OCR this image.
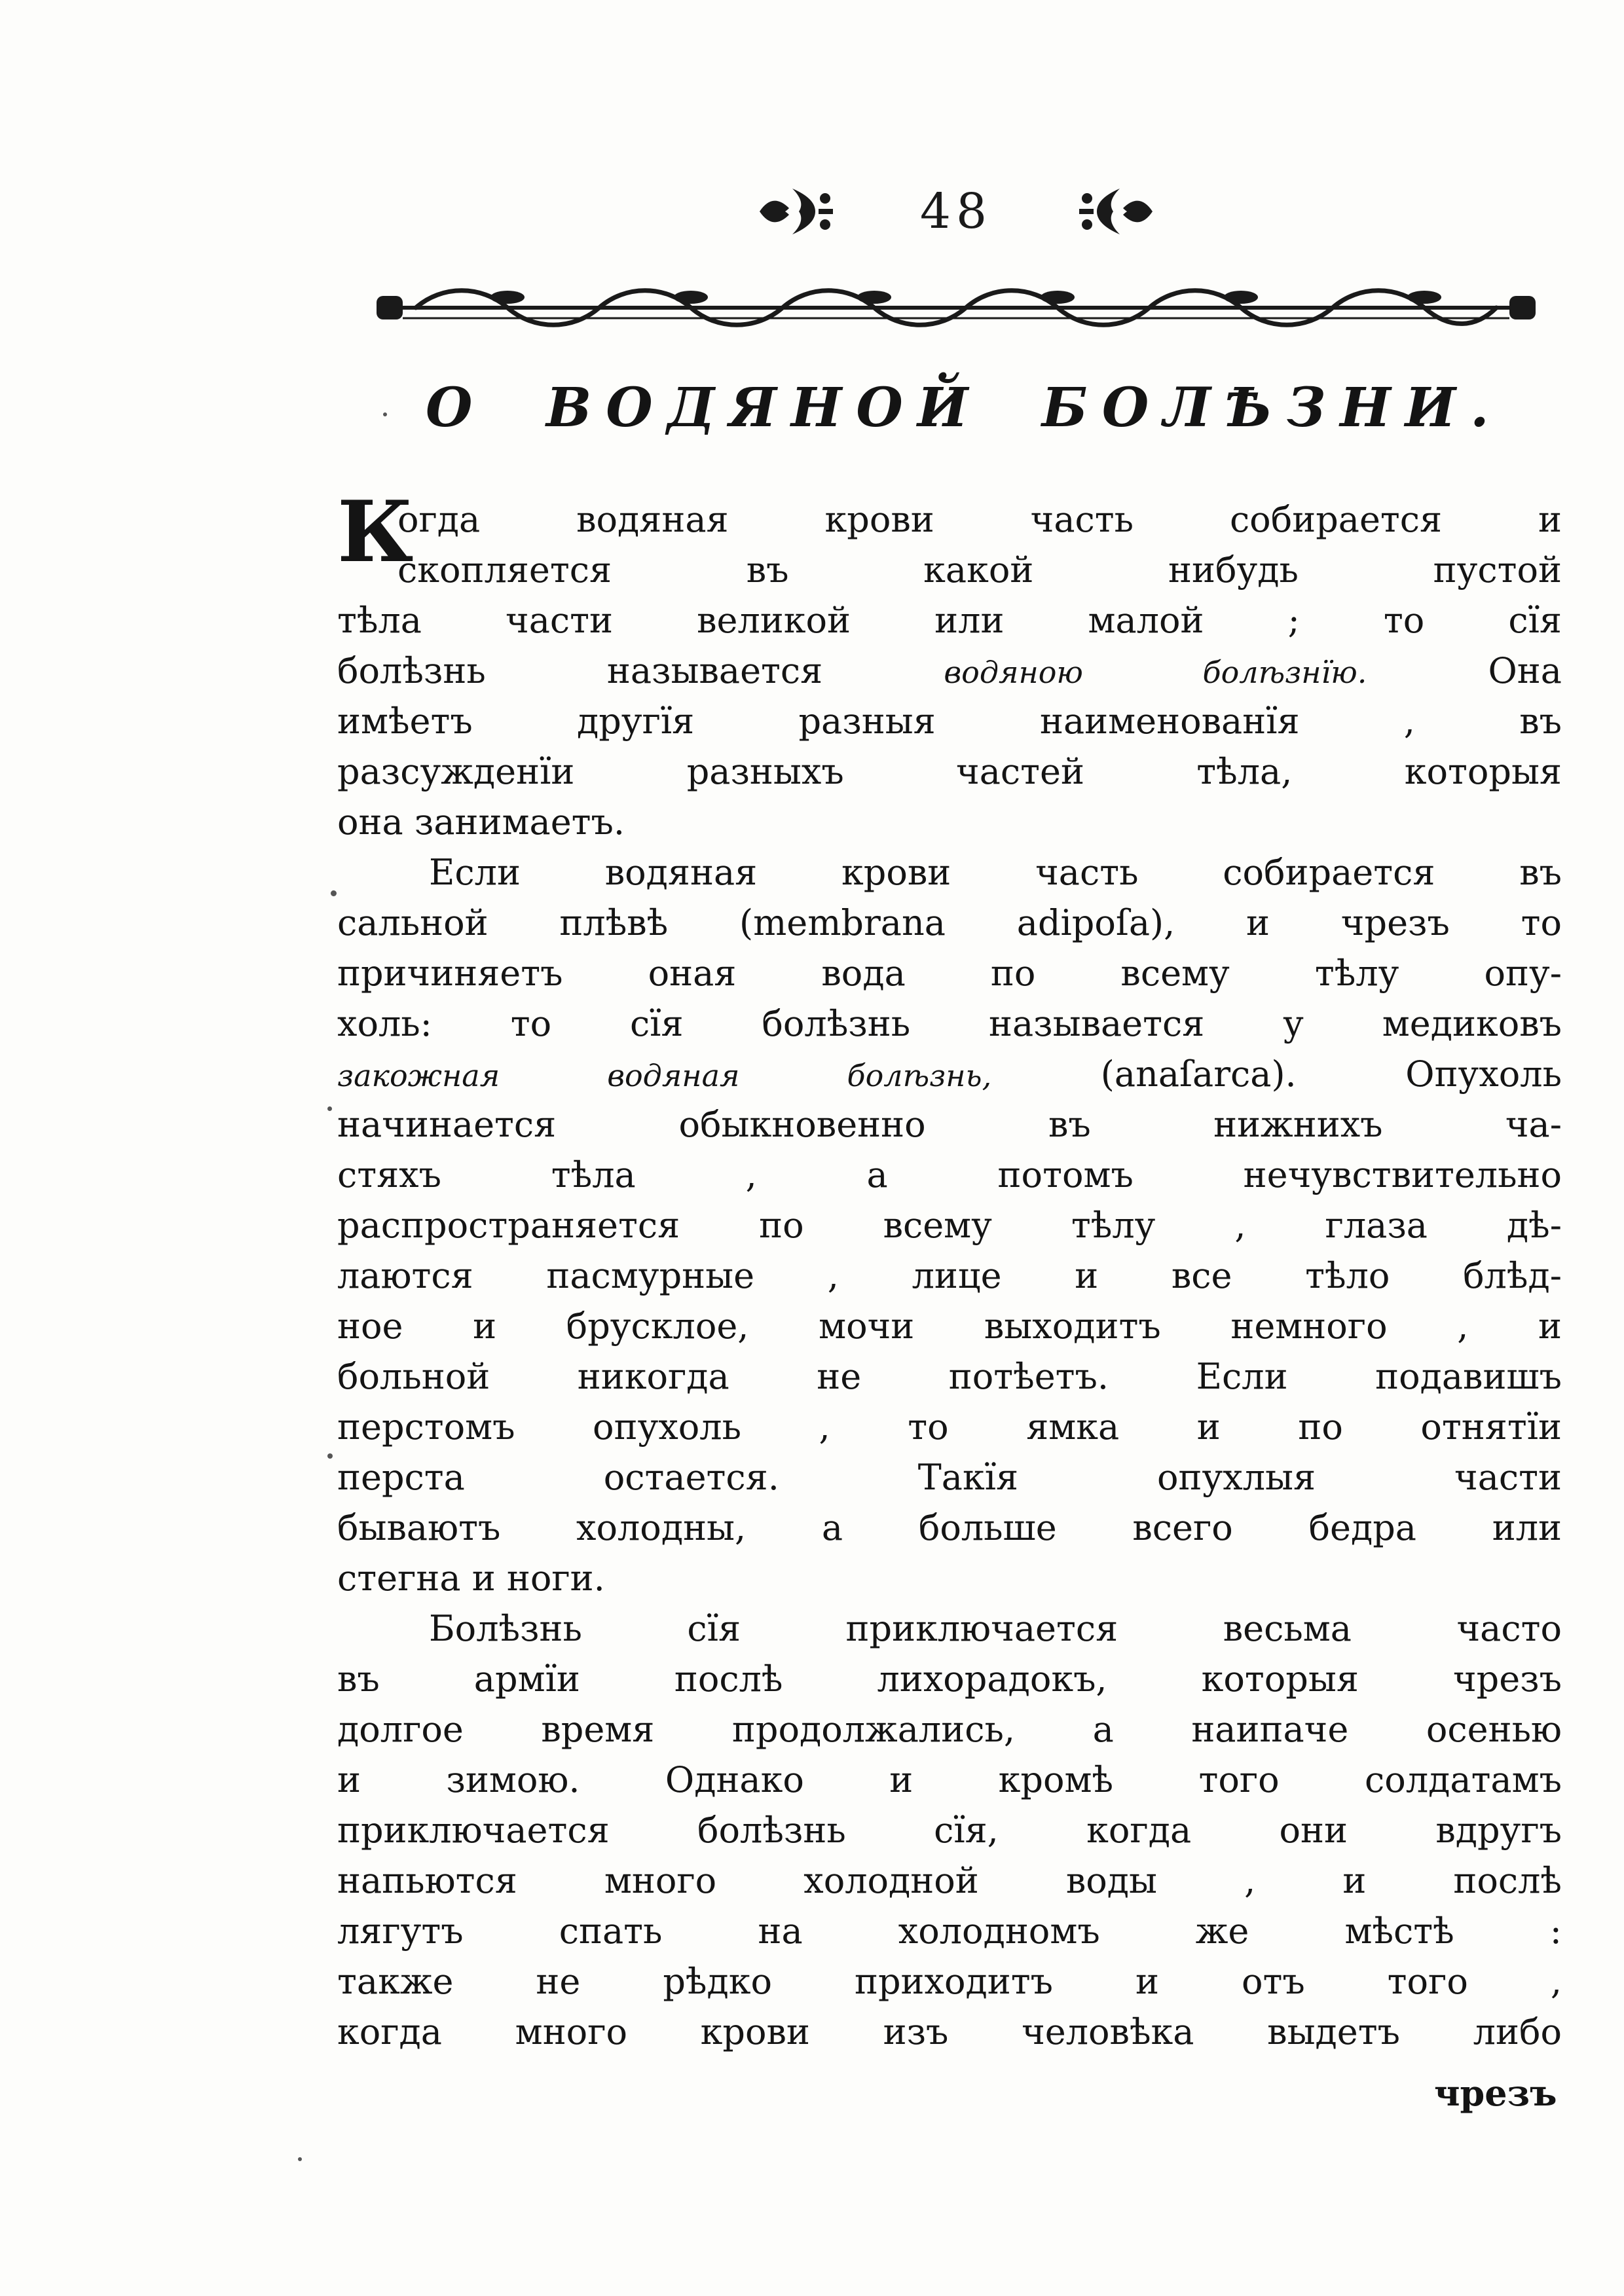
48
О ВОДЯНОЙ БОЛѢЗНИ.
К
огда водяная крови часть собирается и
скопляется въ какой нибудь пустой
тѣла части великой или малой ; то сїя
болѣзнь называется водяною болѣзнїю. Она
имѣетъ другїя разныя наименованїя , въ
разсужденїи разныхъ частей тѣла, которыя
она занимаетъ.
Если водяная крови часть собирается въ
сальной плѣвѣ (membrana adipoſa), и чрезъ то
причиняетъ оная вода по всему тѣлу опу-
холь: то сїя болѣзнь называется у медиковъ
закожная водяная болѣзнь, (anaſarca). Опухоль
начинается обыкновенно въ нижнихъ ча-
стяхъ тѣла , а потомъ нечувствительно
распространяется по всему тѣлу , глаза дѣ-
лаются пасмурные , лице и все тѣло блѣд-
ное и брусклое, мочи выходитъ немного , и
больной никогда не потѣетъ. Если подавишъ
перстомъ опухоль , то ямка и по отнятїи
перста остается. Такїя опухлыя части
бываютъ холодны, а больше всего бедра или
стегна и ноги.
Болѣзнь сїя приключается весьма часто
въ армїи послѣ лихорадокъ, которыя чрезъ
долгое время продолжались, а наипаче осенью
и зимою. Однако и кромѣ того солдатамъ
приключается болѣзнь сїя, когда они вдругъ
напьются много холодной воды , и послѣ
лягутъ спать на холодномъ же мѣстѣ :
также не рѣдко приходитъ и отъ того ,
когда много крови изъ человѣка выдетъ либо
чрезъ
